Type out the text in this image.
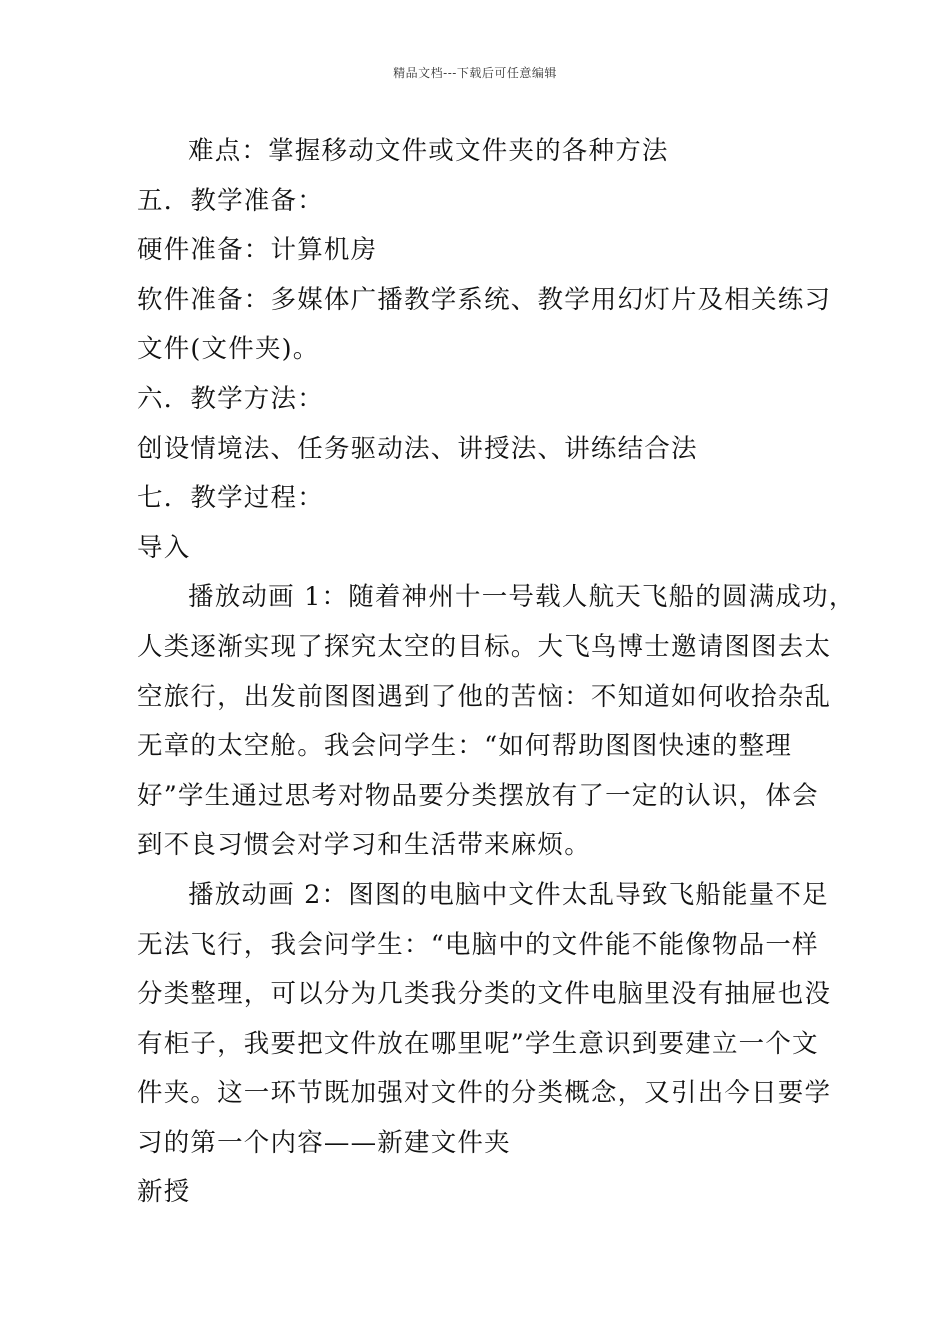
精品文档---下载后可任意编辑
难点：掌握移动文件或文件夹的各种方法
五．教学准备：
硬件准备：计算机房
软件准备：多媒体广播教学系统、教学用幻灯片及相关练习
文件(文件夹)。
六．教学方法：
创设情境法、任务驱动法、讲授法、讲练结合法
七．教学过程：
导入
播放动画 1：随着神州十一号载人航天飞船的圆满成功，
人类逐渐实现了探究太空的目标。大飞鸟博士邀请图图去太
空旅行，出发前图图遇到了他的苦恼：不知道如何收拾杂乱
无章的太空舱。我会问学生：“如何帮助图图快速的整理
好”学生通过思考对物品要分类摆放有了一定的认识，体会
到不良习惯会对学习和生活带来麻烦。
播放动画 2：图图的电脑中文件太乱导致飞船能量不足
无法飞行，我会问学生：“电脑中的文件能不能像物品一样
分类整理，可以分为几类我分类的文件电脑里没有抽屉也没
有柜子，我要把文件放在哪里呢”学生意识到要建立一个文
件夹。这一环节既加强对文件的分类概念，又引出今日要学
习的第一个内容——新建文件夹
新授
